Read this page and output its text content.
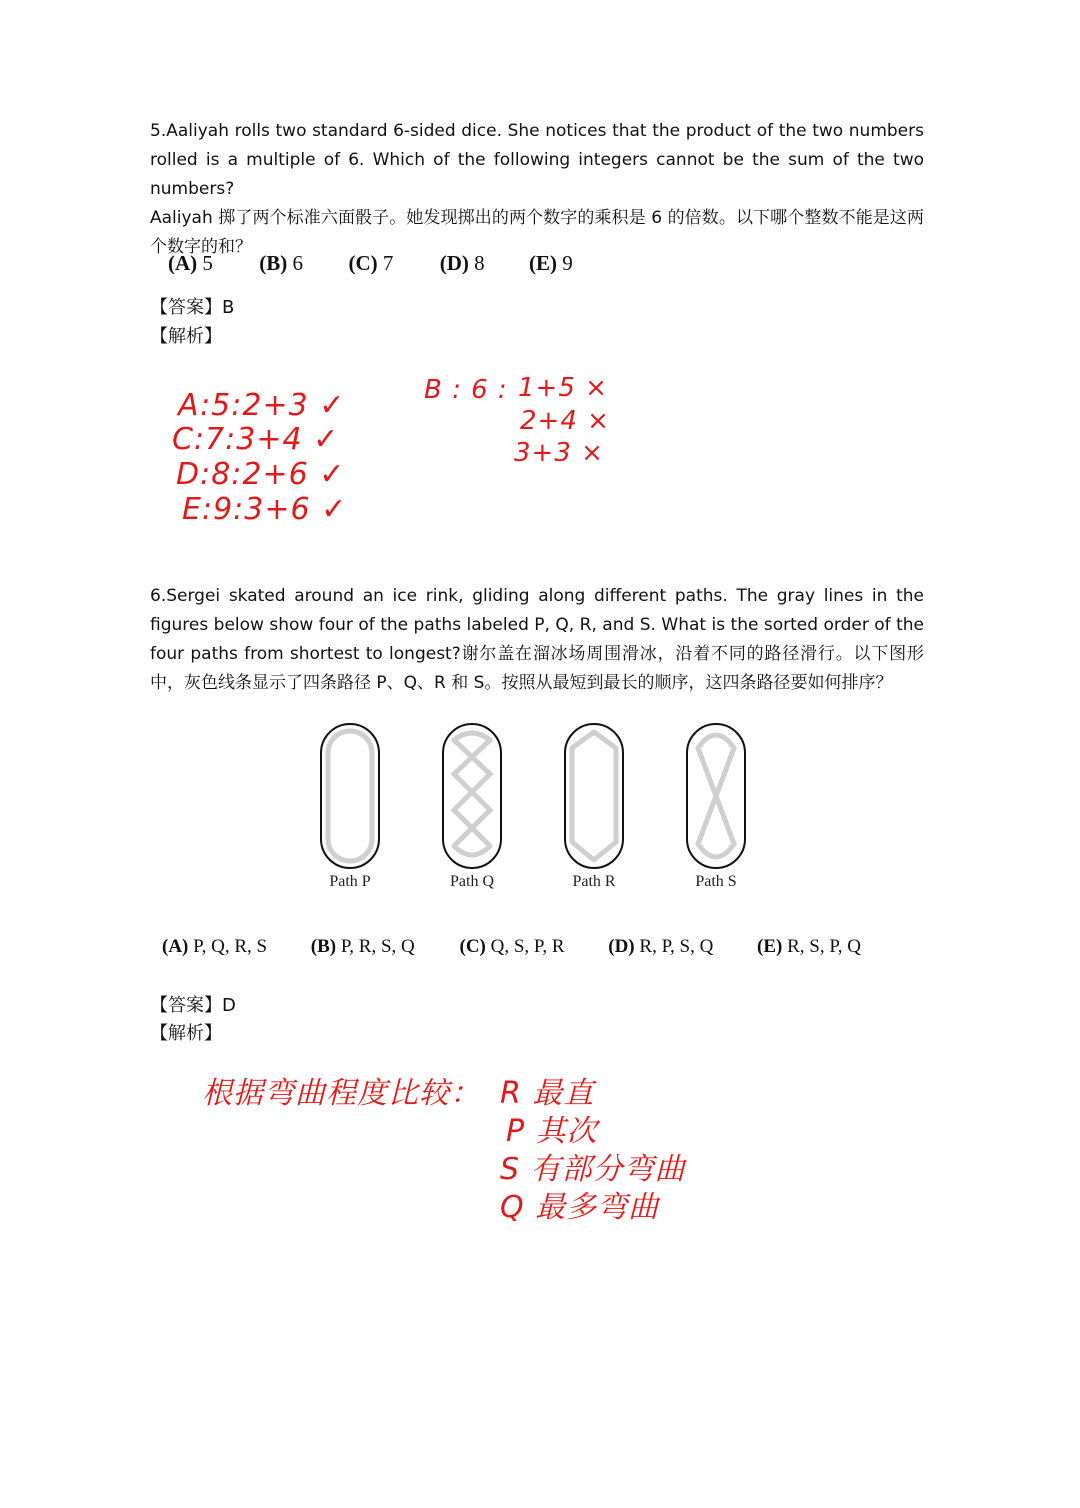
5.Aaliyah rolls two standard 6-sided dice. She notices that the product of the two numbers rolled is a multiple of 6. Which of the following integers cannot be the sum of the two numbers?
Aaliyah 掷了两个标准六面骰子。她发现掷出的两个数字的乘积是 6 的倍数。以下哪个整数不能是这两个数字的和？
(A) 5 (B) 6 (C) 7 (D) 8 (E) 9
【答案】B
【解析】
A:5:2+3 ✓
C:7:3+4 ✓
D:8:2+6 ✓
E:9:3+6 ✓
B : 6 : 1+5 ×
2+4 ×
3+3 ×
6.Sergei skated around an ice rink, gliding along different paths. The gray lines in the figures below show four of the paths labeled P, Q, R, and S. What is the sorted order of the four paths from shortest to longest?谢尔盖在溜冰场周围滑冰，沿着不同的路径滑行。以下图形中，灰色线条显示了四条路径 P、Q、R 和 S。按照从最短到最长的顺序，这四条路径要如何排序？
Path P	Path Q	Path R	Path S
(A) P, Q, R, S (B) P, R, S, Q (C) Q, S, P, R (D) R, P, S, Q (E) R, S, P, Q
【答案】D
【解析】
根据弯曲程度比较： R 最直
P 其次
S 有部分弯曲
Q 最多弯曲
